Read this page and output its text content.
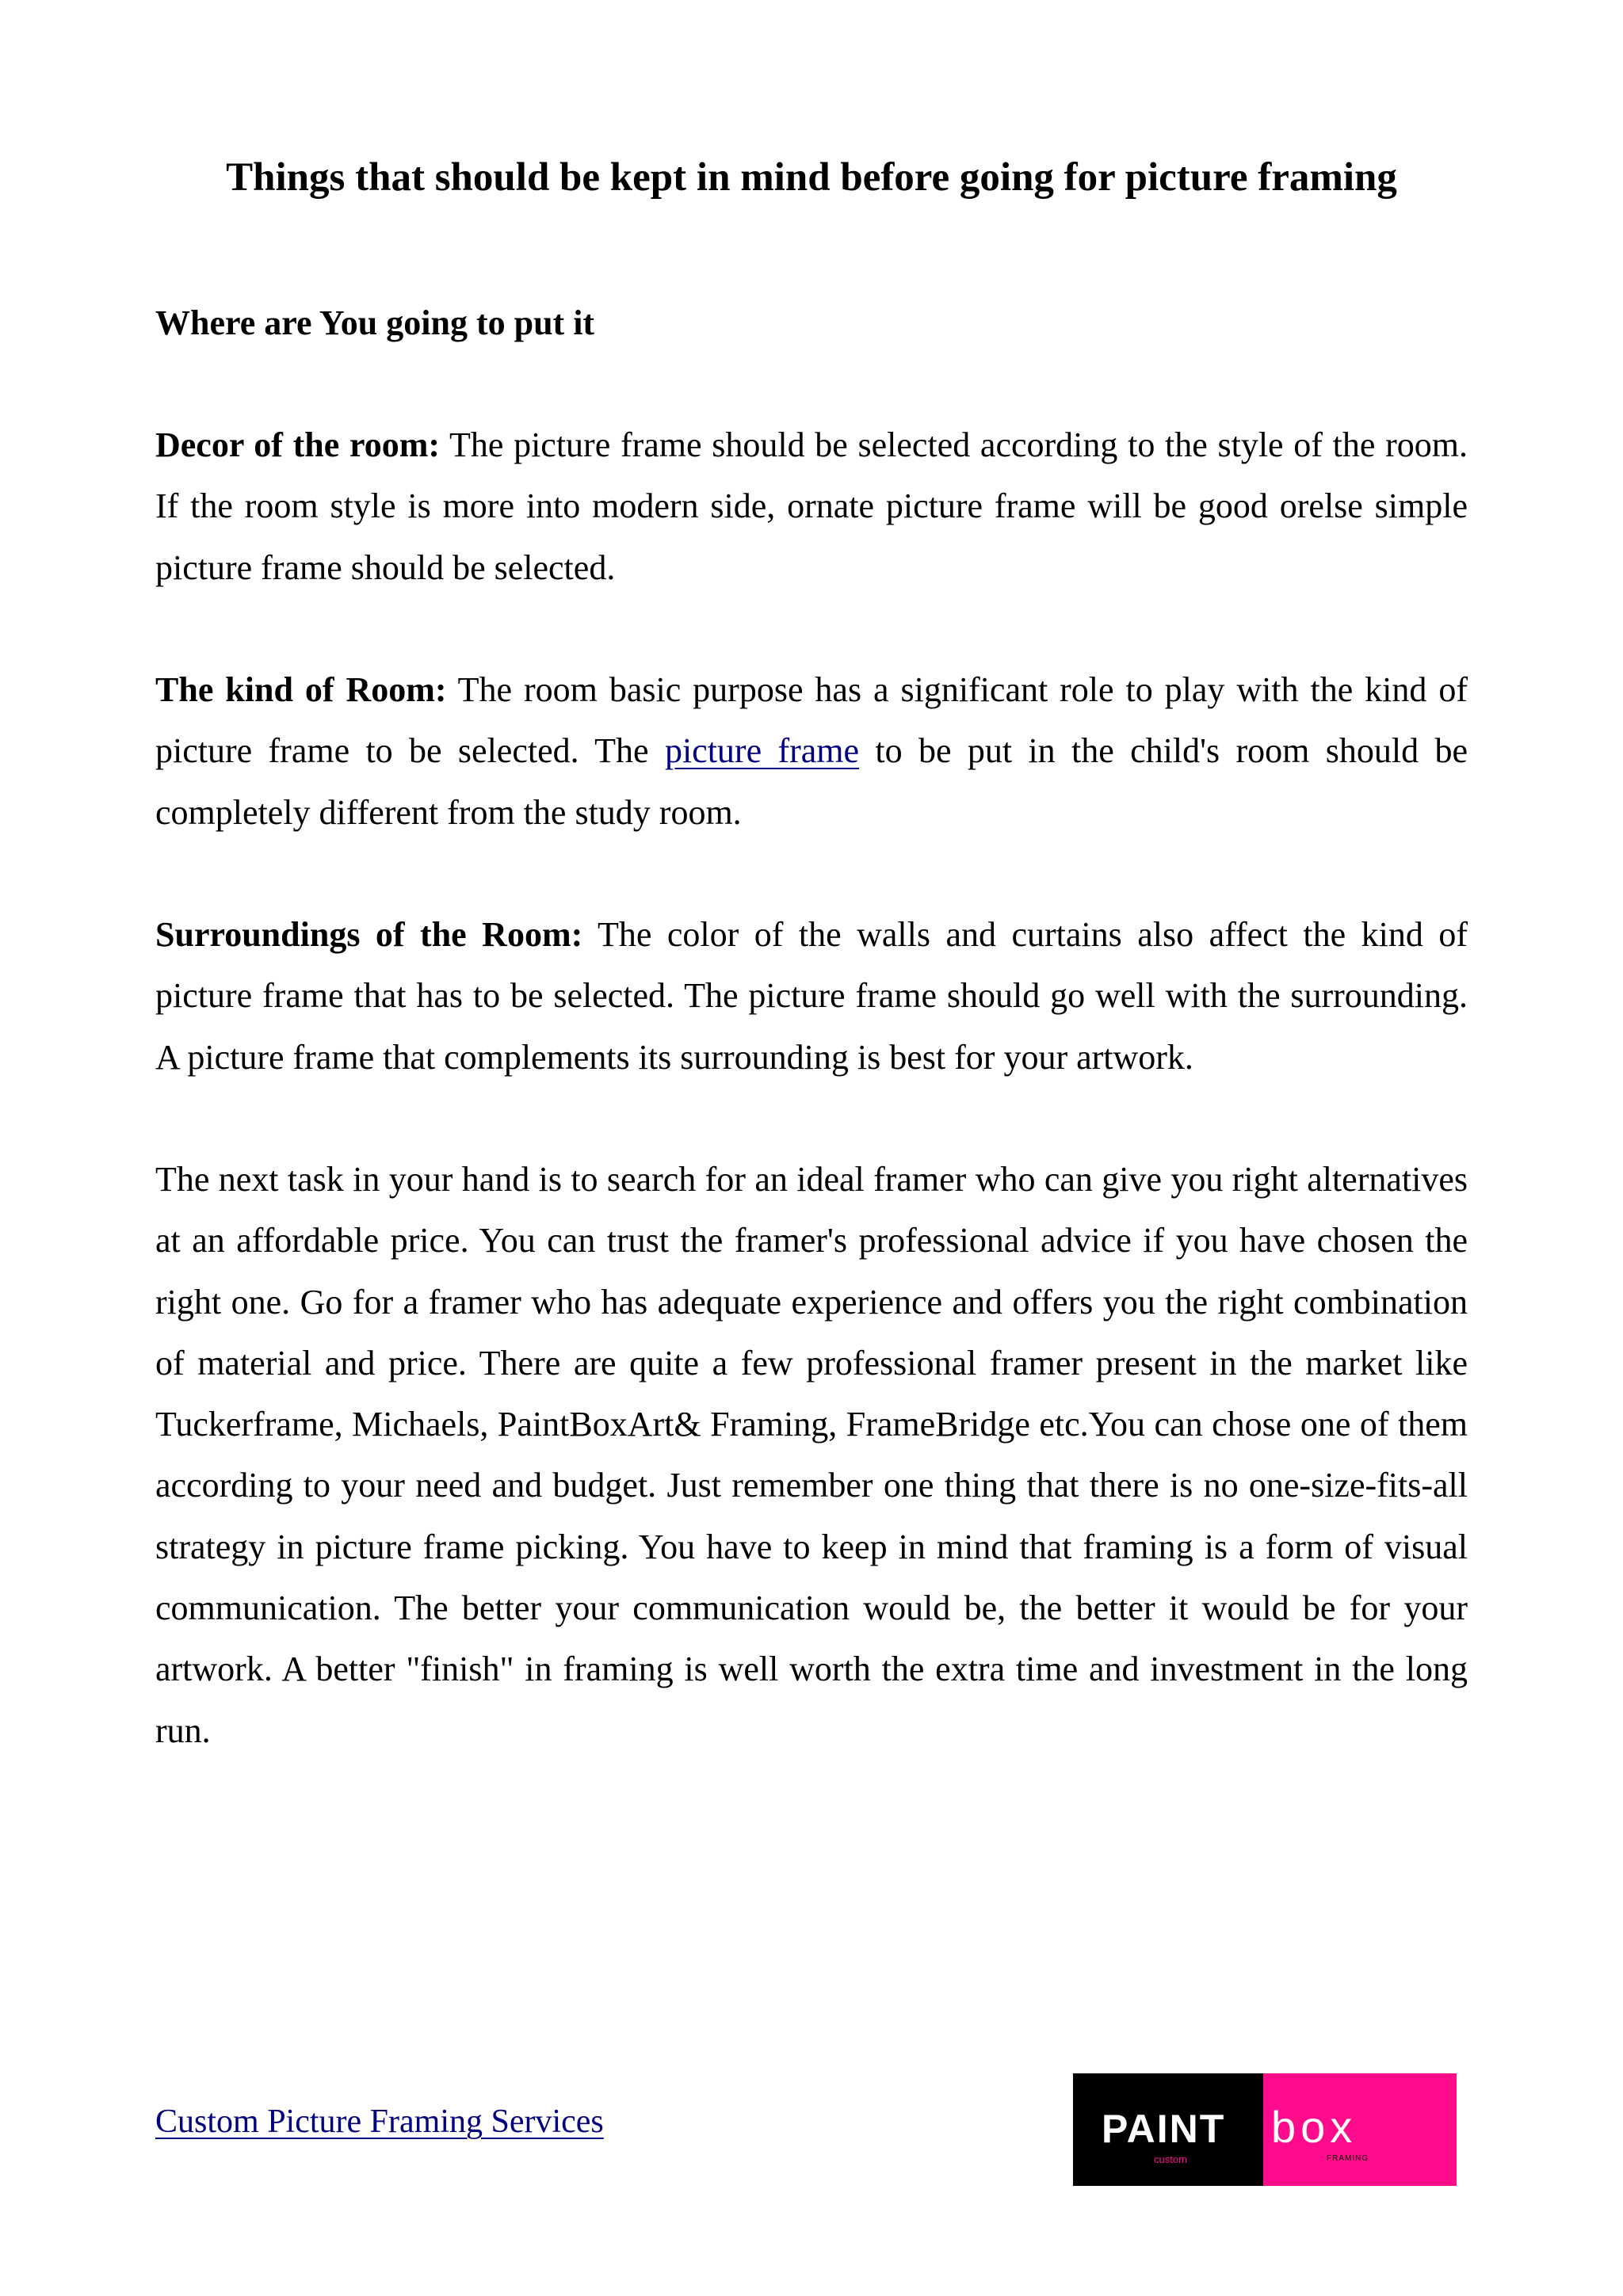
Things that should be kept in mind before going for picture framing
Where are You going to put it

Decor of the room: The picture frame should be selected according to the style of the room. If the room style is more into modern side, ornate picture frame will be good orelse simple picture frame should be selected.

The kind of Room: The room basic purpose has a significant role to play with the kind of picture frame to be selected. The picture frame to be put in the child's room should be completely different from the study room.

Surroundings of the Room: The color of the walls and curtains also affect the kind of picture frame that has to be selected. The picture frame should go well with the surrounding. A picture frame that complements its surrounding is best for your artwork.

The next task in your hand is to search for an ideal framer who can give you right alternatives at an affordable price. You can trust the framer's professional advice if you have chosen the right one. Go for a framer who has adequate experience and offers you the right combination of material and price. There are quite a few professional framer present in the market like Tuckerframe, Michaels, PaintBoxArt& Framing, FrameBridge etc.You can chose one of them according to your need and budget. Just remember one thing that there is no one-size-fits-all strategy in picture frame picking. You have to keep in mind that framing is a form of visual communication. The better your communication would be, the better it would be for your artwork. A better "finish" in framing is well worth the extra time and investment in the long run.

Custom Picture Framing Services	PAINT
custom
box
FRAMING
